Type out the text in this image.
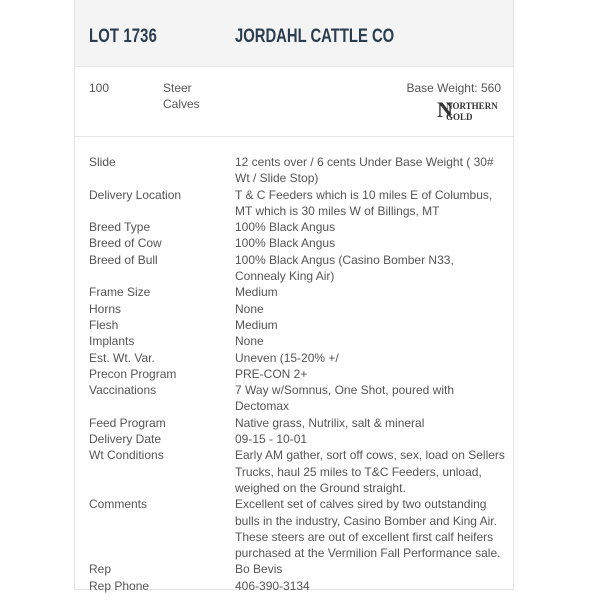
LOT 1736	JORDAHL CATTLE CO
100	Steer Calves
Base Weight: 560
N
NORTHERN
GOLD
Slide	12 cents over / 6 cents Under Base Weight ( 30# Wt / Slide Stop)
Delivery Location	T & C Feeders which is 10 miles E of Columbus, MT which is 30 miles W of Billings, MT
Breed Type	100% Black Angus
Breed of Cow	100% Black Angus
Breed of Bull	100% Black Angus (Casino Bomber N33, Connealy King Air)
Frame Size	Medium
Horns	None
Flesh	Medium
Implants	None
Est. Wt. Var.	Uneven (15-20% +/
Precon Program	PRE-CON 2+
Vaccinations	7 Way w/Somnus, One Shot, poured with Dectomax
Feed Program	Native grass, Nutrilix, salt & mineral
Delivery Date	09-15 - 10-01
Wt Conditions	Early AM gather, sort off cows, sex, load on Sellers Trucks, haul 25 miles to T&C Feeders, unload, weighed on the Ground straight.
Comments	Excellent set of calves sired by two outstanding bulls in the industry, Casino Bomber and King Air. These steers are out of excellent first calf heifers purchased at the Vermilion Fall Performance sale.
Rep	Bo Bevis
Rep Phone	406-390-3134
